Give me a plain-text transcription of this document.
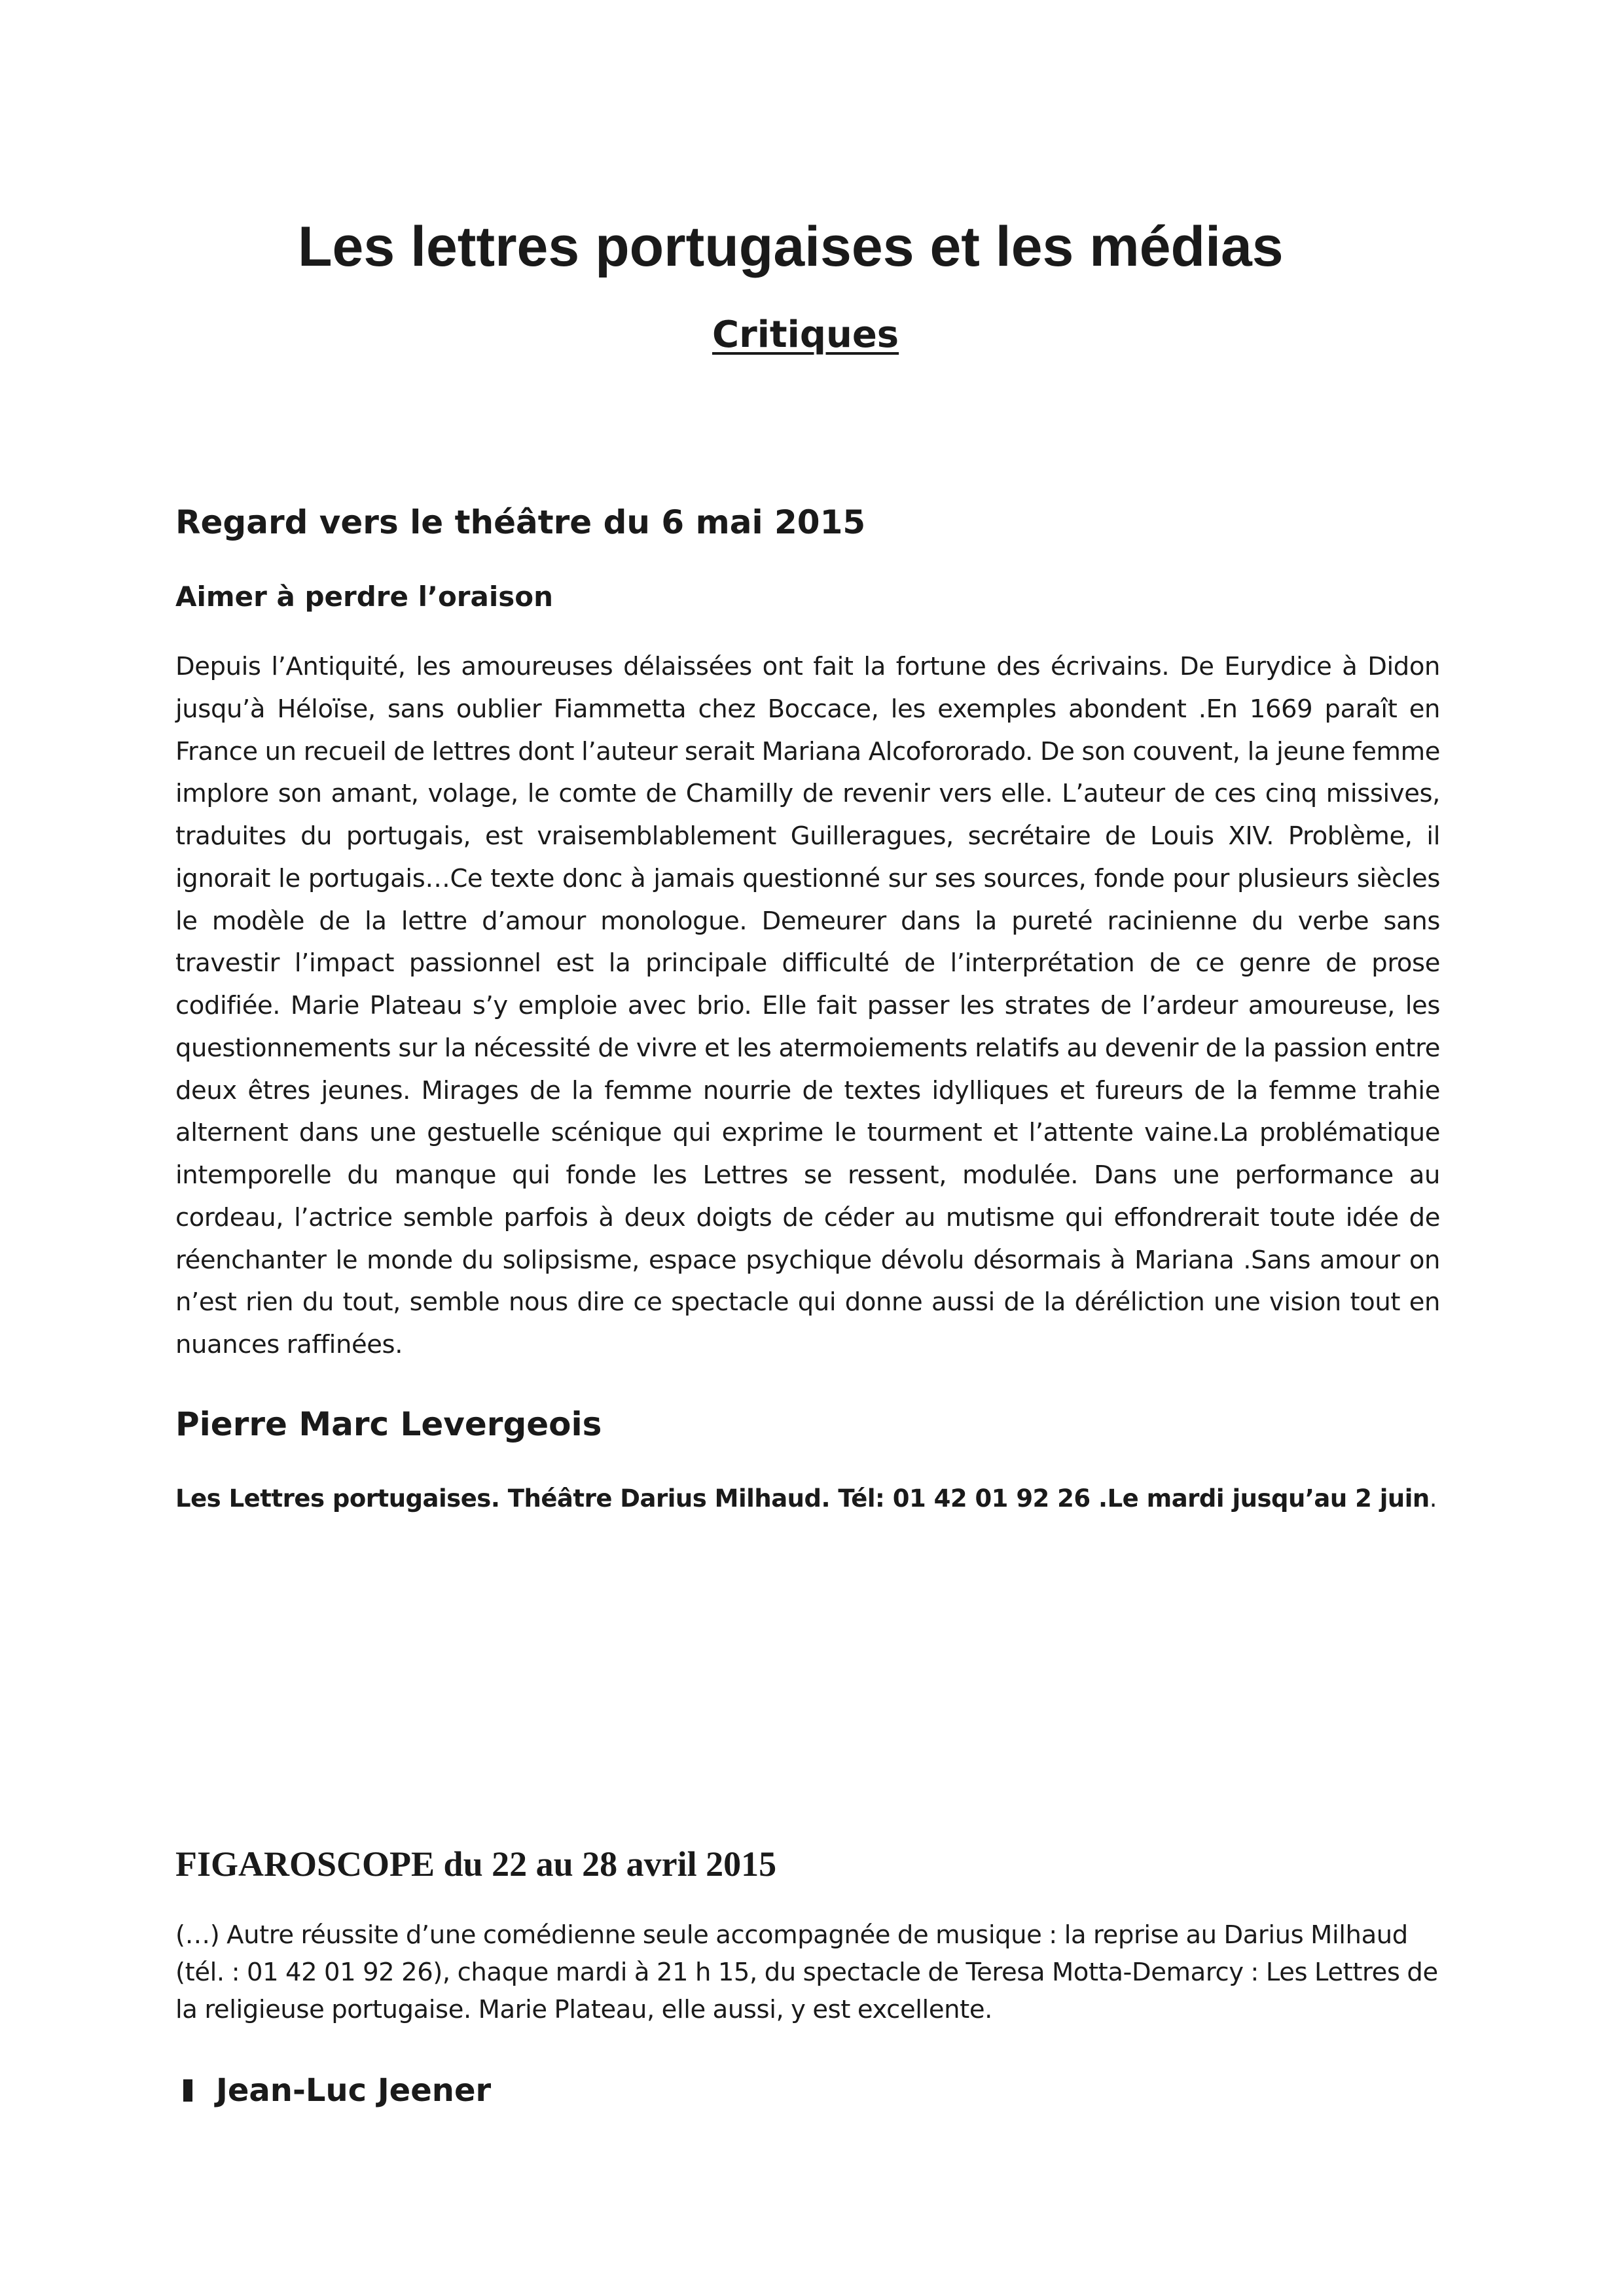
Les lettres portugaises et les médias
Critiques
Regard vers le théâtre du 6 mai 2015
Aimer à perdre l’oraison

Depuis l’Antiquité, les amoureuses délaissées ont fait la fortune des écrivains. De Eurydice à Didon jusqu’à Héloïse, sans oublier Fiammetta chez Boccace, les exemples abondent .En 1669 paraît en France un recueil de lettres dont l’auteur serait Mariana Alcofororado. De son couvent, la jeune femme implore son amant, volage, le comte de Chamilly de revenir vers elle. L’auteur de ces cinq missives, traduites du portugais, est vraisemblablement Guilleragues, secrétaire de Louis XIV. Problème, il ignorait le portugais…Ce texte donc à jamais questionné sur ses sources, fonde pour plusieurs siècles le modèle de la lettre d’amour monologue. Demeurer dans la pureté racinienne du verbe sans travestir l’impact passionnel est la principale difficulté de l’interprétation de ce genre de prose codifiée. Marie Plateau s’y emploie avec brio. Elle fait passer les strates de l’ardeur amoureuse, les questionnements sur la nécessité de vivre et les atermoiements relatifs au devenir de la passion entre deux êtres jeunes. Mirages de la femme nourrie de textes idylliques et fureurs de la femme trahie alternent dans une gestuelle scénique qui exprime le tourment et l’attente vaine.La problématique intemporelle du manque qui fonde les Lettres se ressent, modulée. Dans une performance au cordeau, l’actrice semble parfois à deux doigts de céder au mutisme qui effondrerait toute idée de réenchanter le monde du solipsisme, espace psychique dévolu désormais à Mariana .Sans amour on n’est rien du tout, semble nous dire ce spectacle qui donne aussi de la déréliction une vision tout en nuances raffinées.

Pierre Marc Levergeois

Les Lettres portugaises. Théâtre Darius Milhaud. Tél: 01 42 01 92 26 .Le mardi jusqu’au 2 juin.

FIGAROSCOPE du 22 au 28 avril 2015

(…) Autre réussite d’une comédienne seule accompagnée de musique : la reprise au Darius Milhaud (tél. : 01 42 01 92 26), chaque mardi à 21 h 15, du spectacle de Teresa Motta-Demarcy : Les Lettres de la religieuse portugaise. Marie Plateau, elle aussi, y est excellente.

Jean-Luc Jeener
